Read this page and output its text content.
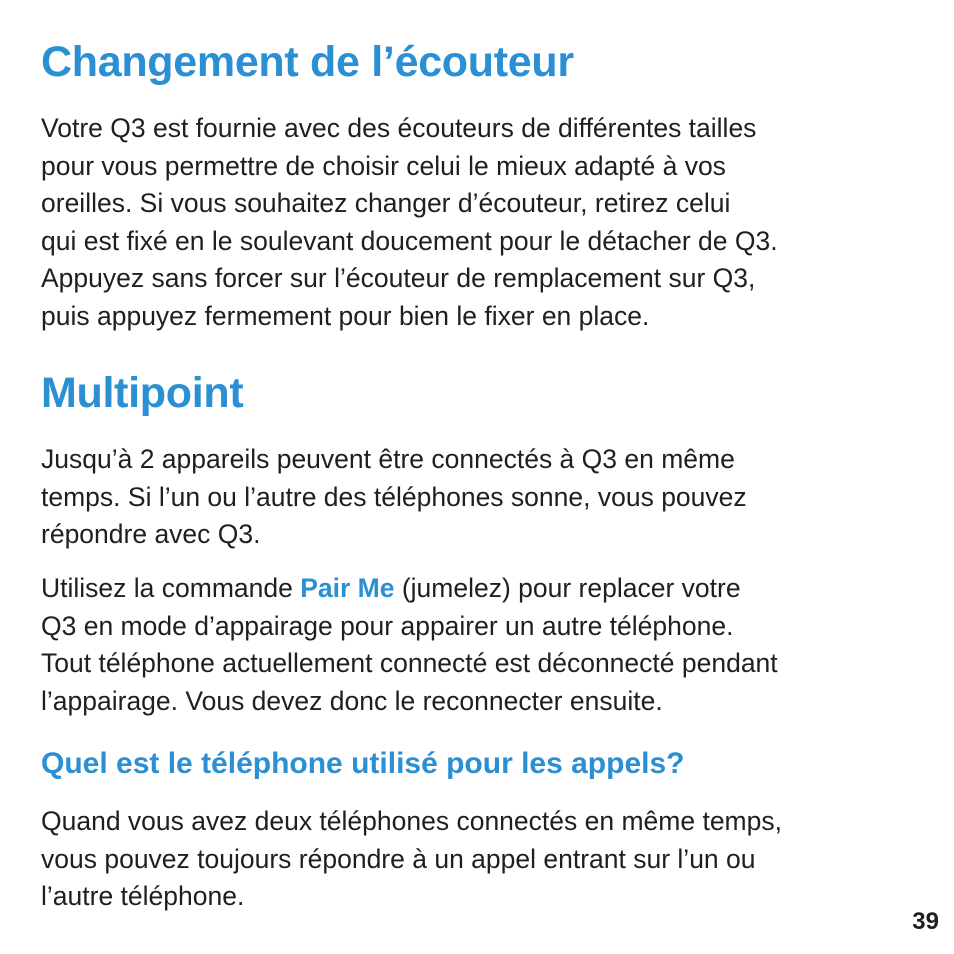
Changement de l’écouteur

Votre Q3 est fournie avec des écouteurs de différentes tailles
pour vous permettre de choisir celui le mieux adapté à vos
oreilles. Si vous souhaitez changer d’écouteur, retirez celui
qui est fixé en le soulevant doucement pour le détacher de Q3.
Appuyez sans forcer sur l’écouteur de remplacement sur Q3,
puis appuyez fermement pour bien le fixer en place.

Multipoint

Jusqu’à 2 appareils peuvent être connectés à Q3 en même
temps. Si l’un ou l’autre des téléphones sonne, vous pouvez
répondre avec Q3.

Utilisez la commande Pair Me (jumelez) pour replacer votre
Q3 en mode d’appairage pour appairer un autre téléphone.
Tout téléphone actuellement connecté est déconnecté pendant
l’appairage. Vous devez donc le reconnecter ensuite.

Quel est le téléphone utilisé pour les appels?

Quand vous avez deux téléphones connectés en même temps,
vous pouvez toujours répondre à un appel entrant sur l’un ou
l’autre téléphone.

39
